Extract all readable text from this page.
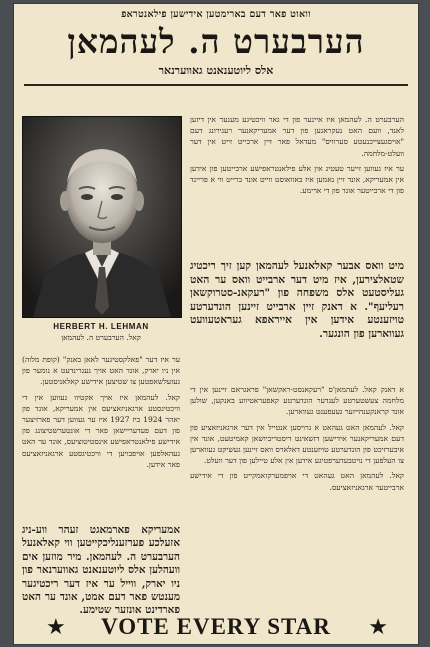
וואוט פאר דעם בארימטען אידישען פילאנטראפ
הערבערט ה. לעהמאן
אלס ליוטענאנט גאווערנאר
HERBERT H. LEHMAN
קאל. הערבערט ה. לעהמאן

הערבערט ה. לעהמאן איז איינער פון די גאר וויכטיגע מענער אין דיזען לאנד, וועם האט נעקראגען פון דער אמעריקאנער רעגירונג דעם "אויסגעצייכנעטע סערוויס" מעדאל פאר זיין ארבייט זייט אין דער וועלט-מלחמה.

ער איז געווען זייער טעטיג אין אלע פילאנטראפישע ארבייטען פון אידען אין אמעריקא, אונד זיין נאמען איז באוואוסט ווייט אונד ברייט ווי א פריינד פון די ארבייטער אונד פון די ארימע.

מיט וואס אבער קאלאנעל לעהמאן קען זיך ריכטיג שטאלצירען, איז מיט דער ארבייט וואס ער האט געליסטעט אלס משפחה פון "רעקאנ-סטרוקשאן רעליעף". א דאנק זיין ארבייט זיינען הונדערטע טויזענטע אידען אין אייראפא געראטעוועט געווארען פון הונגער.

א דאנק קאל. לעהמאן'ס "רעקאנסט-ראקשאן" פראגראם זיינען אין די מלחמה צעשטערטע לענדער הונדערטע קאפעראטיווע באנקען, שולען אונד קראנקענהייזער געעפענט געווארען.

קאל. לעהמאן האט געהאט א גרויסען אנטייל אין דער ארגאניזאציע פון דעם אמעריקאנער אידישען דזשאינט דיסטריביושאן קאמיטעט, אונד אין איבערזיכט פון הונדערטע טויזענטע דאלארס וואס זיינען געשיקט געווארען צו העלפען די נויטבעדערפטיגע אידען אין אלע טיילען פון דער וועלט.

קאל. לעהמאן האט געהאט די אויפמערקזאמקייט פון די אידישע ארבייטער ארגאניזאציעס.

ער איז דער "פאלקסטיגער לאאן באנק" (קופת מלוה) אין ניו יארק, אונד האט אויך געגרינדעט א נומער פון געזעלשאפטען צו שטיצען אידישע קאלאניסטען.

קאל. לעהמאן איז אויך אקטיוו געווען אין די וויכטיגסטע ארגאניזאציעס אין אמעריקא, אונד פון יאהר 1924 ביז 1927 איז ער געווען דער פארזיצער פון דעם פעדעריישאן פאר די אונטערשטיצונג פון אידישע פילאנטראפישע אינסטיטוציעס, אונד ער האט געהאלפען אויפבויען די וויכטיגסטע ארגאניזאציעס פאר אידען.

אמעריקא פארמאגט זעהר ווע-ניג אזעלכע פערזענליכקייטען ווי קאלאנעל הערבערט ה. לעהמאן. מיר מוזען אים וועהלען אלס ליוטענאנט גאווערנאר פון ניו יארק, ווייל ער איז דער ריכטיגער מענטש פאר דעם אמט, אונד ער האט פארדינט אונזער שטימע.

★	VOTE EVERY STAR	★
